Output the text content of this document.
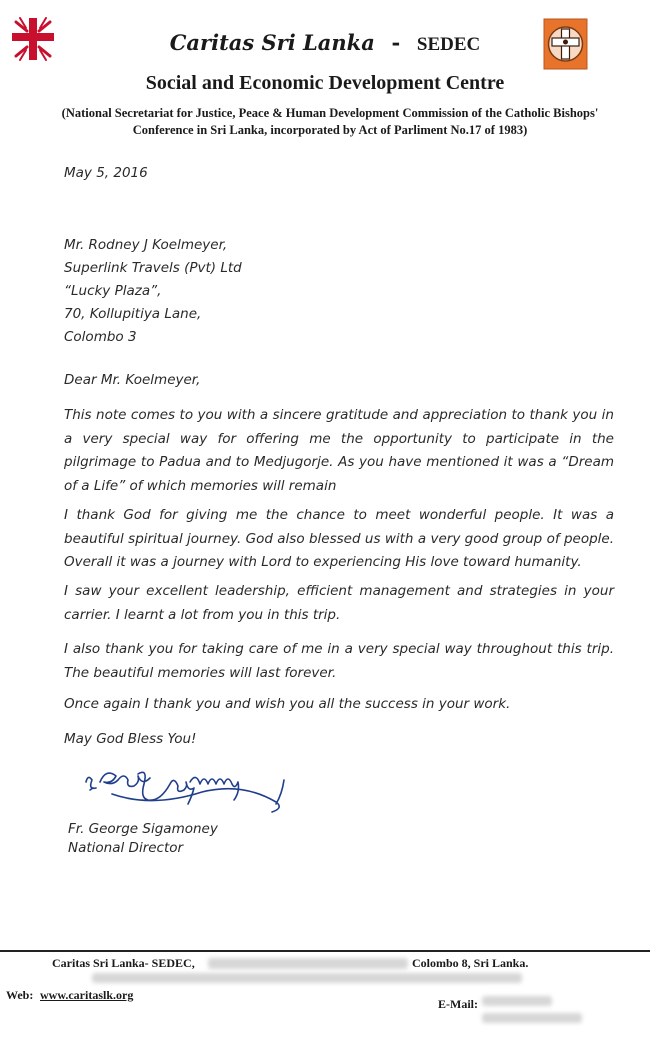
Caritas Sri Lanka - SEDEC
Social and Economic Development Centre
(National Secretariat for Justice, Peace & Human Development Commission of the Catholic Bishops'
Conference in Sri Lanka, incorporated by Act of Parliment No.17 of 1983)
May 5, 2016
Mr. Rodney J Koelmeyer,
Superlink Travels (Pvt) Ltd
“Lucky Plaza”,
70, Kollupitiya Lane,
Colombo 3
Dear Mr. Koelmeyer,
This note comes to you with a sincere gratitude and appreciation to thank you in a very special way for offering me the opportunity to participate in the pilgrimage to Padua and to Medjugorje. As you have mentioned it was a “Dream of a Life” of which memories will remain
I thank God for giving me the chance to meet wonderful people. It was a beautiful spiritual journey. God also blessed us with a very good group of people. Overall it was a journey with Lord to experiencing His love toward humanity.
I saw your excellent leadership, efficient management and strategies in your carrier. I learnt a lot from you in this trip.
I also thank you for taking care of me in a very special way throughout this trip. The beautiful memories will last forever.
Once again I thank you and wish you all the success in your work.
May God Bless You!
Fr. George Sigamoney
National Director
Caritas Sri Lanka- SEDEC,	Colombo 8, Sri Lanka.
Web: www.caritaslk.org
E-Mail:
